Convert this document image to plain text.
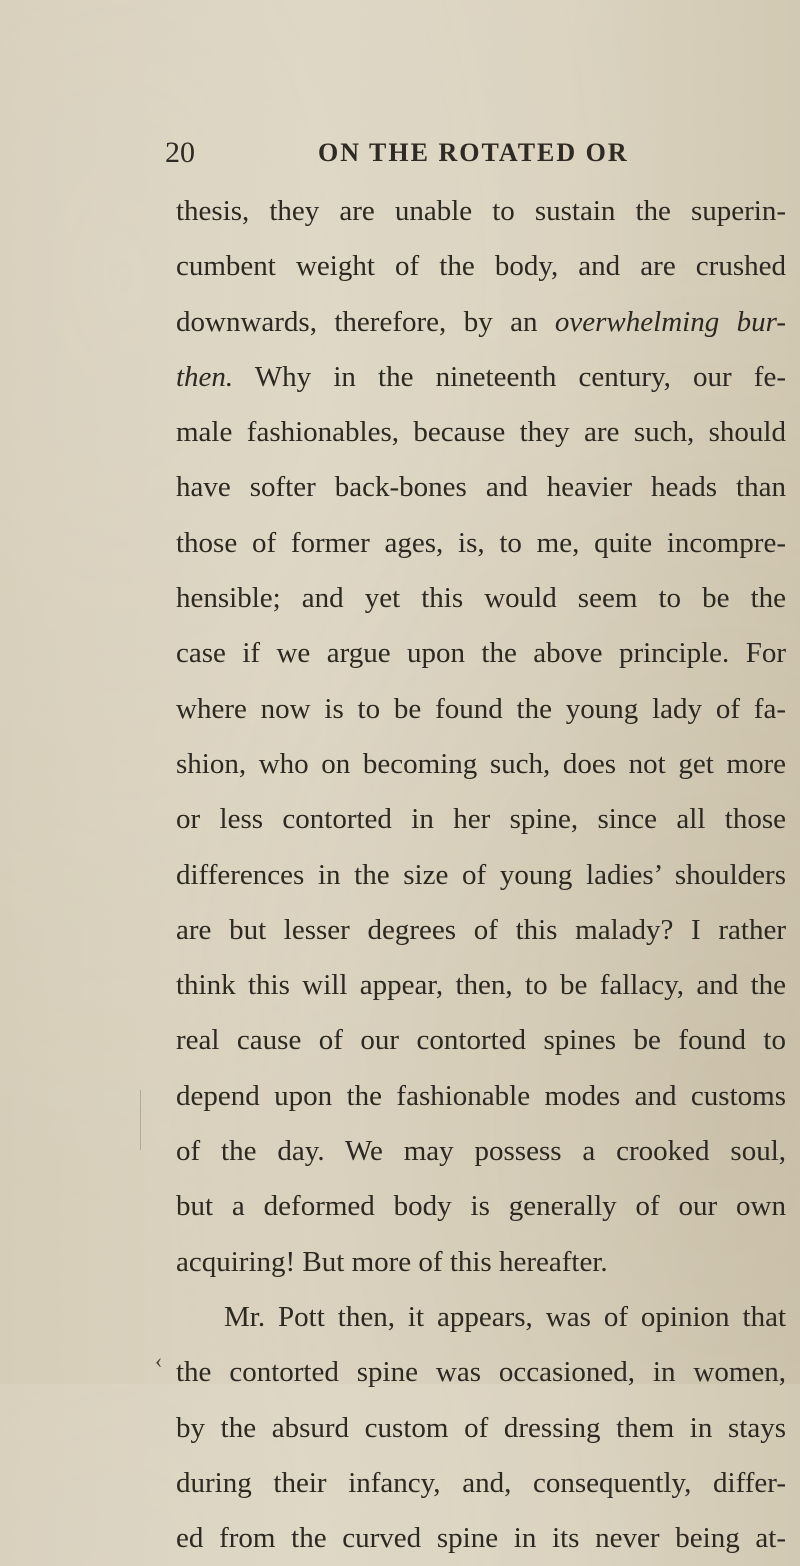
20	ON THE ROTATED OR
thesis, they are unable to sustain the superin-
cumbent weight of the body, and are crushed
downwards, therefore, by an overwhelming bur-
then. Why in the nineteenth century, our fe-
male fashionables, because they are such, should
have softer back-bones and heavier heads than
those of former ages, is, to me, quite incompre-
hensible; and yet this would seem to be the
case if we argue upon the above principle. For
where now is to be found the young lady of fa-
shion, who on becoming such, does not get more
or less contorted in her spine, since all those
differences in the size of young ladies’ shoulders
are but lesser degrees of this malady? I rather
think this will appear, then, to be fallacy, and the
real cause of our contorted spines be found to
depend upon the fashionable modes and customs
of the day. We may possess a crooked soul,
but a deformed body is generally of our own
acquiring! But more of this hereafter.
Mr. Pott then, it appears, was of opinion that
the contorted spine was occasioned, in women,
by the absurd custom of dressing them in stays
during their infancy, and, consequently, differ-
ed from the curved spine in its never being at-
‹
